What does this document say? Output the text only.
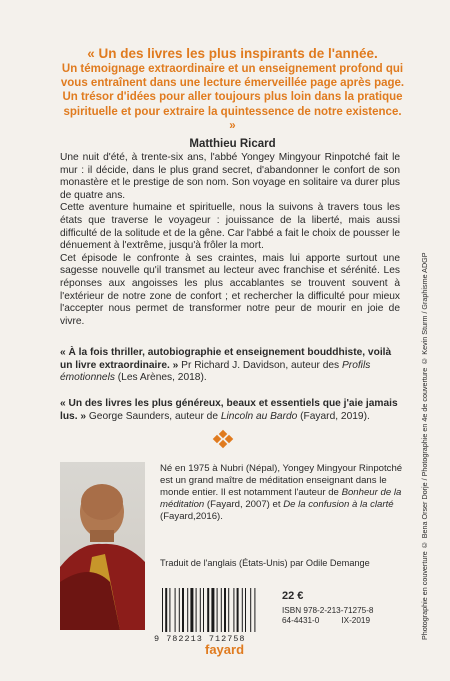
« Un des livres les plus inspirants de l'année.
Un témoignage extraordinaire et un enseignement profond qui vous entraînent dans une lecture émerveillée page après page. Un trésor d'idées pour aller toujours plus loin dans la pratique spirituelle et pour extraire la quintessence de notre existence. »
Matthieu Ricard

Une nuit d'été, à trente-six ans, l'abbé Yongey Mingyour Rinpotché fait le mur : il décide, dans le plus grand secret, d'abandonner le confort de son monastère et le prestige de son nom. Son voyage en solitaire va durer plus de quatre ans.

Cette aventure humaine et spirituelle, nous la suivons à travers tous les états que traverse le voyageur : jouissance de la liberté, mais aussi difficulté de la solitude et de la gêne. Car l'abbé a fait le choix de pousser le dénuement à l'extrême, jusqu'à frôler la mort.

Cet épisode le confronte à ses craintes, mais lui apporte surtout une sagesse nouvelle qu'il transmet au lecteur avec franchise et sérénité. Les réponses aux angoisses les plus accablantes se trouvent souvent à l'extérieur de notre zone de confort ; et rechercher la difficulté pour mieux l'accepter nous permet de transformer notre peur de mourir en joie de vivre.

« À la fois thriller, autobiographie et enseignement bouddhiste, voilà un livre extraordinaire. » Pr Richard J. Davidson, auteur des Profils émotionnels (Les Arènes, 2018).
« Un des livres les plus généreux, beaux et essentiels que j'aie jamais lus. » George Saunders, auteur de Lincoln au Bardo (Fayard, 2019).
Né en 1975 à Nubri (Népal), Yongey Mingyour Rinpotché est un grand maître de méditation enseignant dans le monde entier. Il est notamment l'auteur de Bonheur de la méditation (Fayard, 2007) et De la confusion à la clarté (Fayard,2016).
Traduit de l'anglais (États-Unis) par Odile Demange
9 782213 712758
22 €
ISBN 978-2-213-71275-8
64-4431-0	IX-2019
fayard
Photographie en couverture © Bena Orser Dorje / Photographie en 4e de couverture © Kevin Sturm / Graphisme ADGP
